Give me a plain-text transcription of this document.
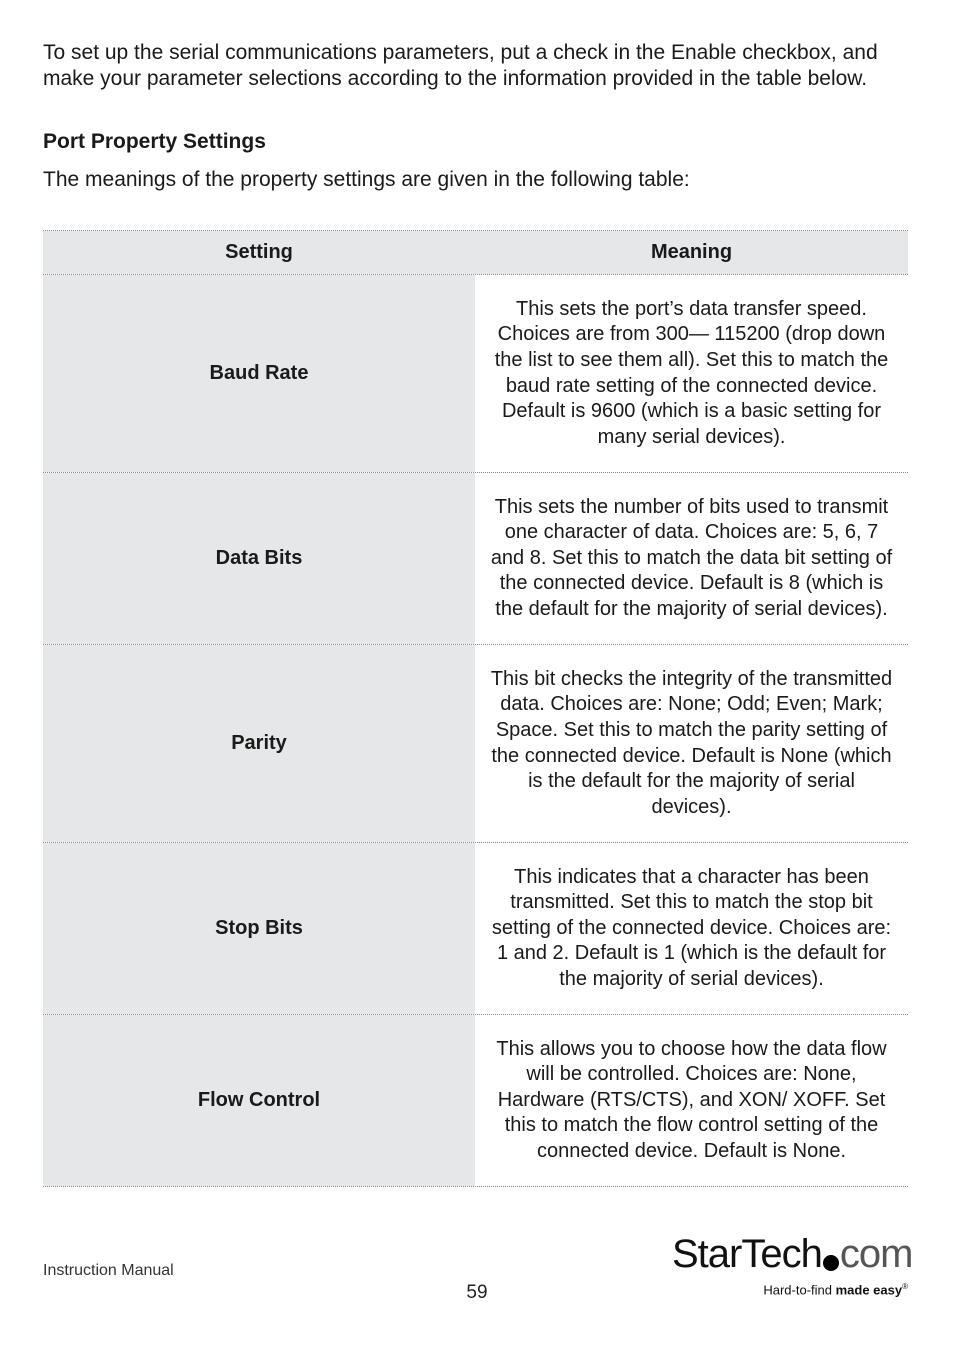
To set up the serial communications parameters, put a check in the Enable checkbox, and make your parameter selections according to the information provided in the table below.

Port Property Settings

The meanings of the property settings are given in the following table:

Setting	Meaning
Baud Rate
This sets the port’s data transfer speed. Choices are from 300— 115200 (drop down the list to see them all). Set this to match the baud rate setting of the connected device. Default is 9600 (which is a basic setting for many serial devices).
Data Bits
This sets the number of bits used to transmit one character of data. Choices are: 5, 6, 7 and 8. Set this to match the data bit setting of the connected device. Default is 8 (which is the default for the majority of serial devices).
Parity
This bit checks the integrity of the transmitted data. Choices are: None; Odd; Even; Mark; Space. Set this to match the parity setting of the connected device. Default is None (which is the default for the majority of serial devices).
Stop Bits
This indicates that a character has been transmitted. Set this to match the stop bit setting of the connected device. Choices are: 1 and 2. Default is 1 (which is the default for the majority of serial devices).
Flow Control
This allows you to choose how the data flow will be controlled. Choices are: None, Hardware (RTS/CTS), and XON/ XOFF. Set this to match the flow control setting of the connected device. Default is None.
Instruction Manual
59
StarTech com
Hard-to-find made easy®
